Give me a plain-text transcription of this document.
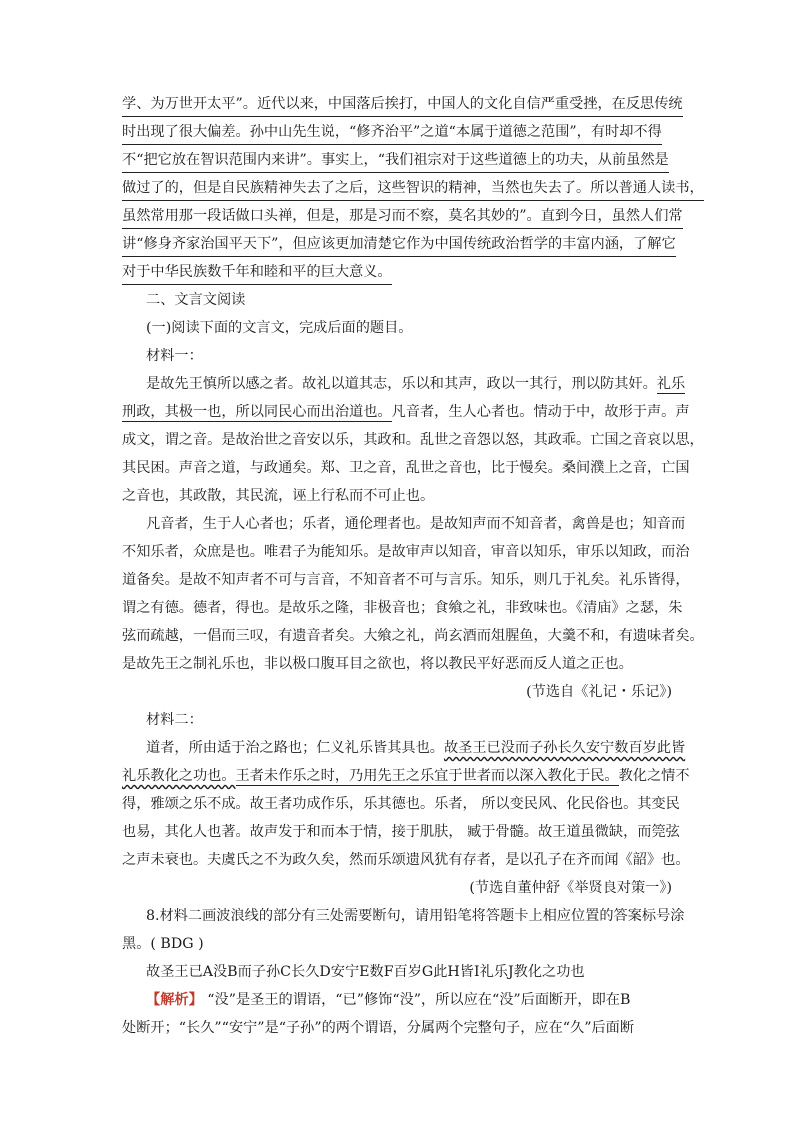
学、为万世开太平”。近代以来，中国落后挨打，中国人的文化自信严重受挫，在反思传统
时出现了很大偏差。孙中山先生说，“修齐治平”之道“本属于道德之范围”，有时却不得
不“把它放在智识范围内来讲”。事实上，“我们祖宗对于这些道德上的功夫，从前虽然是
做过了的，但是自民族精神失去了之后，这些智识的精神，当然也失去了。所以普通人读书，
虽然常用那一段话做口头禅，但是，那是习而不察，莫名其妙的”。直到今日，虽然人们常
讲“修身齐家治国平天下”，但应该更加清楚它作为中国传统政治哲学的丰富内涵，了解它
对于中华民族数千年和睦和平的巨大意义。
二、文言文阅读
(一)阅读下面的文言文，完成后面的题目。
材料一：
是故先王慎所以感之者。故礼以道其志，乐以和其声，政以一其行，刑以防其奸。礼乐
刑政，其极一也，所以同民心而出治道也。凡音者，生人心者也。情动于中，故形于声。声
成文，谓之音。是故治世之音安以乐，其政和。乱世之音怨以怒，其政乖。亡国之音哀以思，
其民困。声音之道，与政通矣。郑、卫之音，乱世之音也，比于慢矣。桑间濮上之音，亡国
之音也，其政散，其民流，诬上行私而不可止也。
凡音者，生于人心者也；乐者，通伦理者也。是故知声而不知音者，禽兽是也；知音而
不知乐者，众庶是也。唯君子为能知乐。是故审声以知音，审音以知乐，审乐以知政，而治
道备矣。是故不知声者不可与言音，不知音者不可与言乐。知乐，则几于礼矣。礼乐皆得，
谓之有德。德者，得也。是故乐之隆，非极音也；食飨之礼，非致味也。《清庙》之瑟，朱
弦而疏越，一倡而三叹，有遗音者矣。大飨之礼，尚玄酒而俎腥鱼，大羹不和，有遗味者矣。
是故先王之制礼乐也，非以极口腹耳目之欲也，将以教民平好恶而反人道之正也。
(节选自《礼记・乐记》)
材料二：
道者，所由适于治之路也；仁义礼乐皆其具也。故圣王已没而子孙长久安宁数百岁此皆
礼乐教化之功也。王者未作乐之时，乃用先王之乐宜于世者而以深入教化于民。教化之情不
得，雅颂之乐不成。故王者功成作乐，乐其德也。乐者， 所以变民风、化民俗也。其变民
也易，其化人也著。故声发于和而本于情，接于肌肤， 臧于骨髓。故王道虽微缺，而筦弦
之声未衰也。夫虞氏之不为政久矣，然而乐颂遗风犹有存者，是以孔子在齐而闻《韶》也。
(节选自董仲舒《举贤良对策一》)
8.材料二画波浪线的部分有三处需要断句，请用铅笔将答题卡上相应位置的答案标号涂
黑。( BDG )
故圣王已A没B而子孙C长久D安宁E数F百岁G此H皆I礼乐J教化之功也
【解析】 “没”是圣王的谓语，“已”修饰“没”，所以应在“没”后面断开，即在B
处断开；“长久”“安宁”是“子孙”的两个谓语，分属两个完整句子，应在“久”后面断
